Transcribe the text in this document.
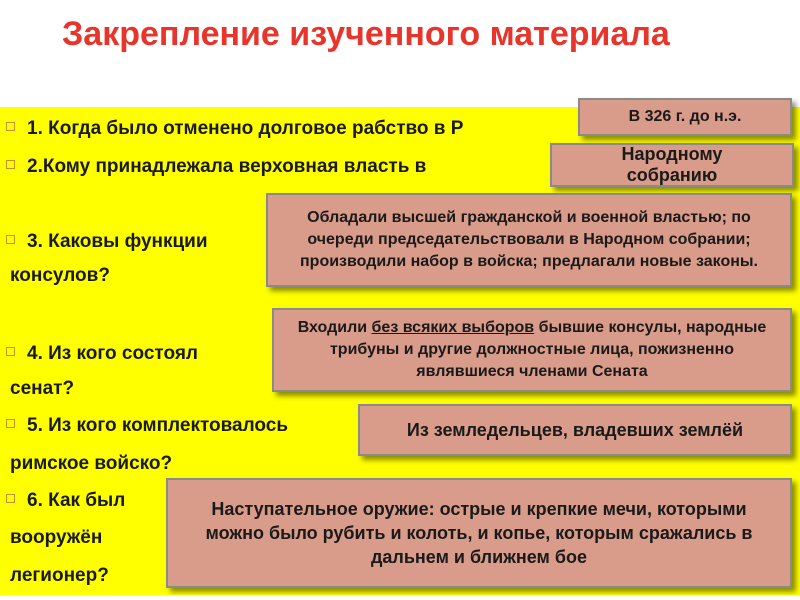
Закрепление изученного материала
1. Когда было отменено долговое рабство в Р
2.Кому принадлежала верховная власть в
3. Каковы функции
консулов?
4. Из кого состоял
сенат?
5. Из кого комплектовалось
римское войско?
6. Как был
вооружён
легионер?
В 326 г. до н.э.
Народному собранию
Обладали высшей гражданской и военной властью; по очереди председательствовали в Народном собрании; производили набор в войска; предлагали новые законы.
Входили без всяких выборов бывшие консулы, народные трибуны и другие должностные лица, пожизненно являвшиеся членами Сената
Из земледельцев, владевших землёй
Наступательное оружие: острые и крепкие мечи, которыми можно было рубить и колоть, и копье, которым сражались в дальнем и ближнем бое
